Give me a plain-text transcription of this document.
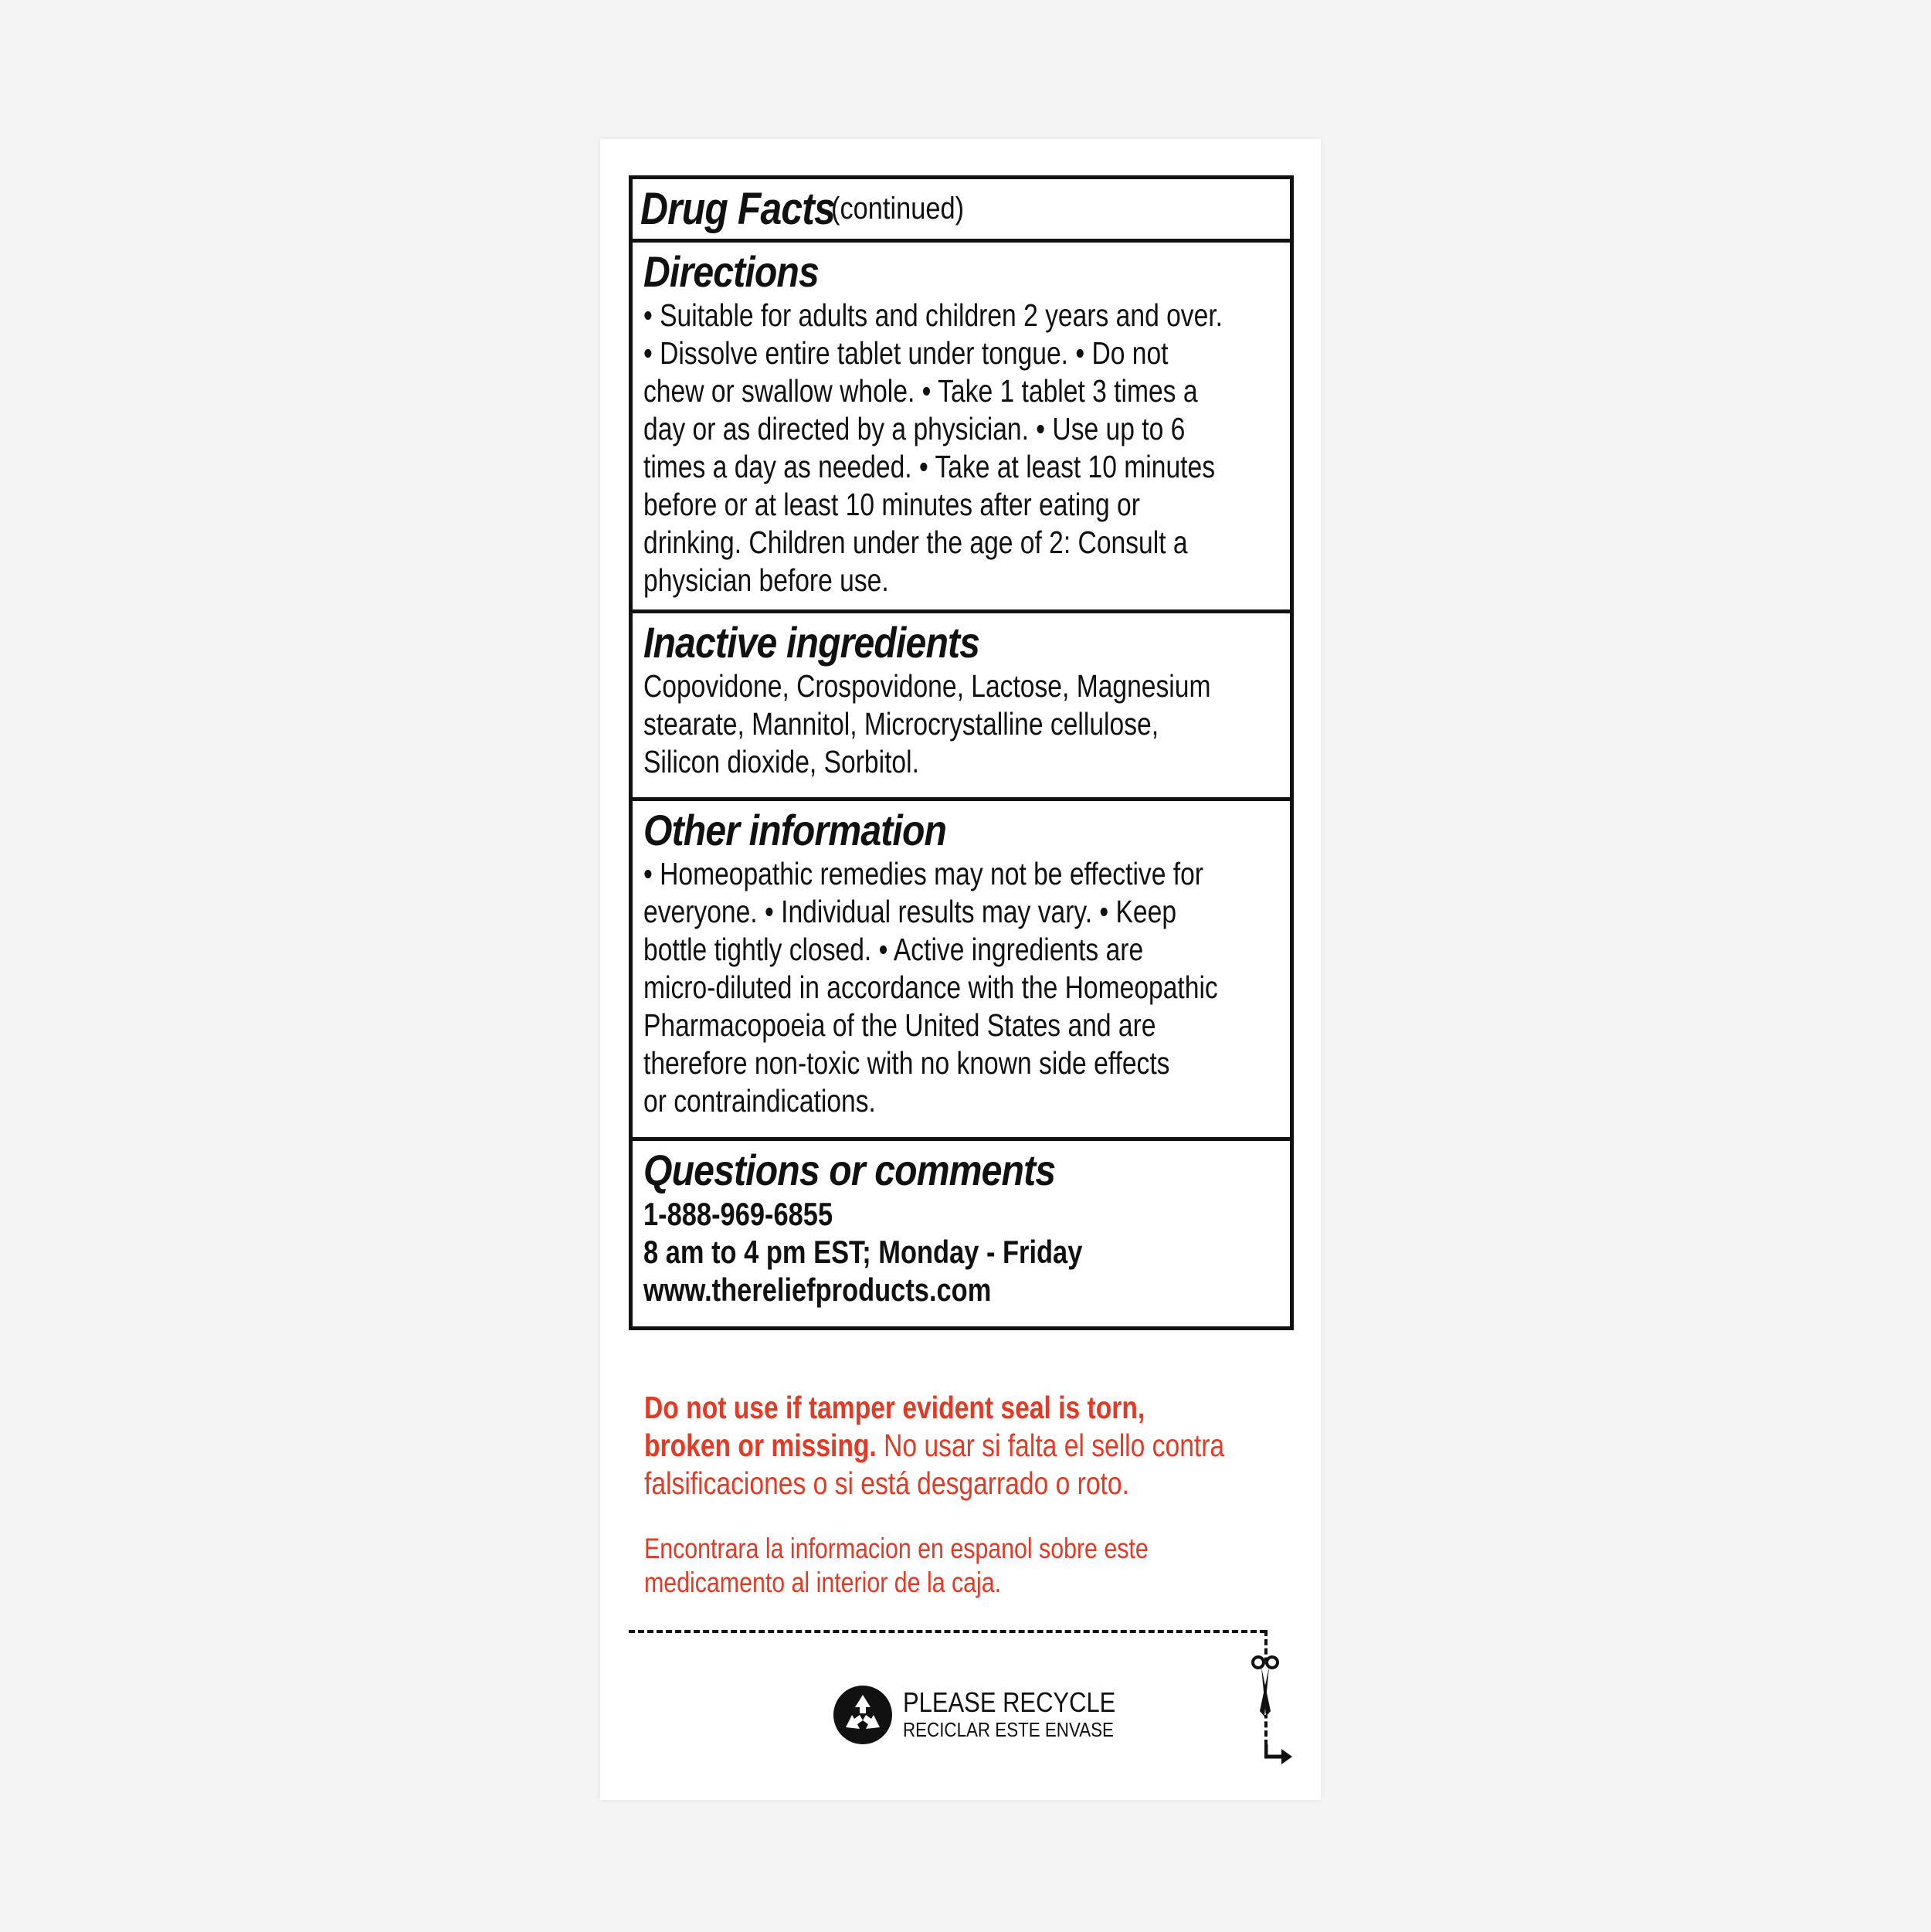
Drug Facts
(continued)
Directions
• Suitable for adults and children 2 years and over.
• Dissolve entire tablet under tongue. • Do not
chew or swallow whole. • Take 1 tablet 3 times a
day or as directed by a physician. • Use up to 6
times a day as needed. • Take at least 10 minutes
before or at least 10 minutes after eating or
drinking. Children under the age of 2: Consult a
physician before use.
Inactive ingredients
Copovidone, Crospovidone, Lactose, Magnesium
stearate, Mannitol, Microcrystalline cellulose,
Silicon dioxide, Sorbitol.
Other information
• Homeopathic remedies may not be effective for
everyone. • Individual results may vary. • Keep
bottle tightly closed. • Active ingredients are
micro-diluted in accordance with the Homeopathic
Pharmacopoeia of the United States and are
therefore non-toxic with no known side effects
or contraindications.
Questions or comments
1-888-969-6855
8 am to 4 pm EST; Monday - Friday
www.thereliefproducts.com
Do not use if tamper evident seal is torn,
broken or missing. No usar si falta el sello contra
falsificaciones o si está desgarrado o roto.
Encontrara la informacion en espanol sobre este
medicamento al interior de la caja.
PLEASE RECYCLE
RECICLAR ESTE ENVASE
